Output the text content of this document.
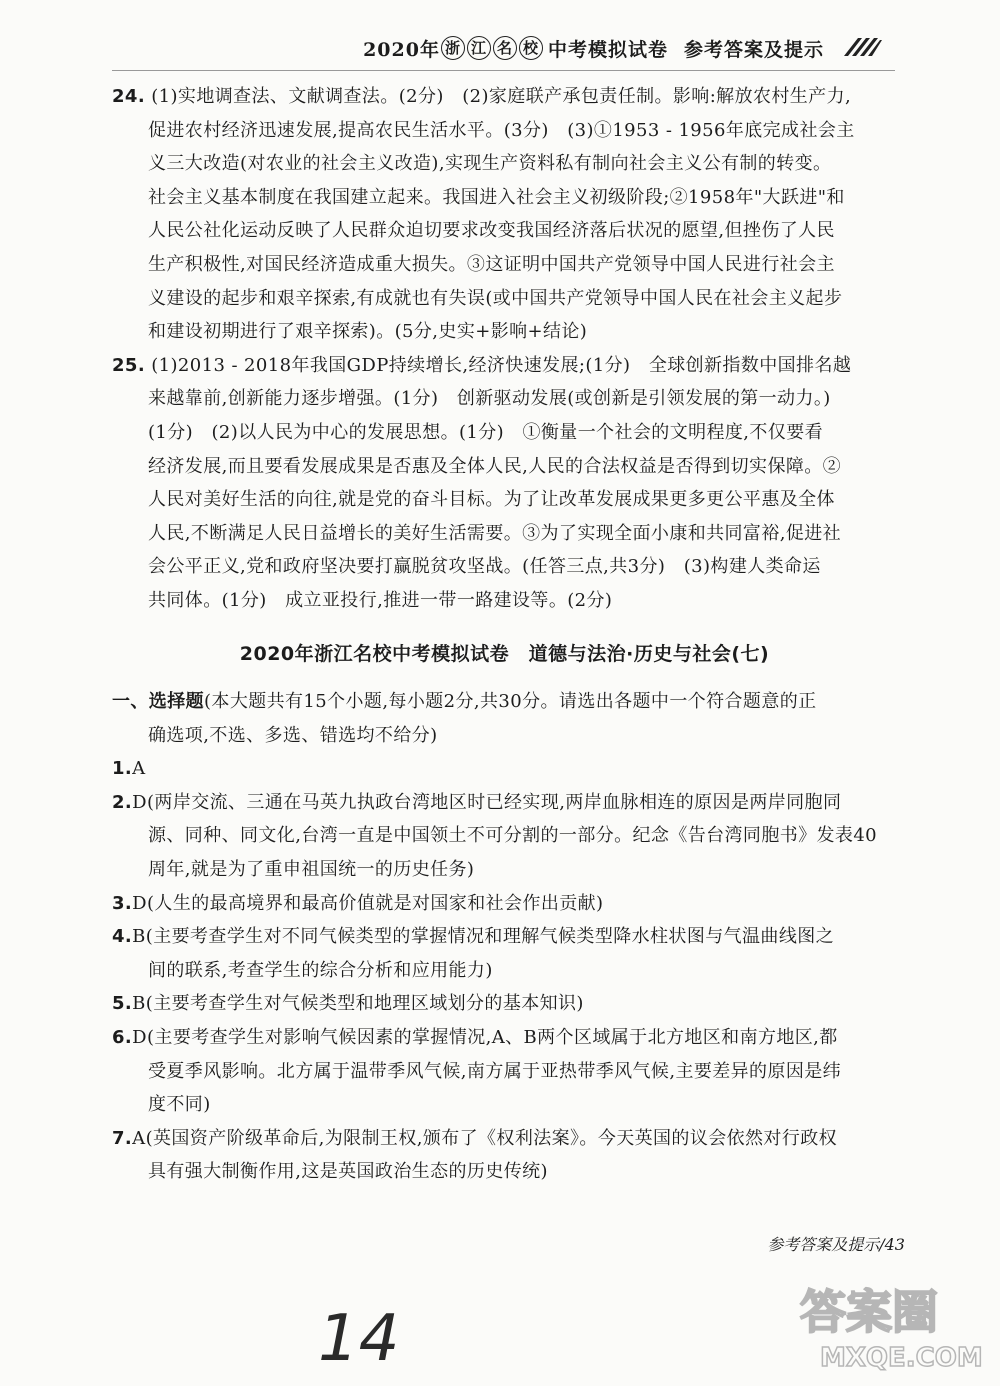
2020年 浙 江 名 校 中考模拟试卷 参考答案及提示
24. (1)实地调查法、文献调查法。(2分)　(2)家庭联产承包责任制。影响:解放农村生产力,
促进农村经济迅速发展,提高农民生活水平。(3分)　(3)①1953 - 1956年底完成社会主
义三大改造(对农业的社会主义改造),实现生产资料私有制向社会主义公有制的转变。
社会主义基本制度在我国建立起来。我国进入社会主义初级阶段;②1958年"大跃进"和
人民公社化运动反映了人民群众迫切要求改变我国经济落后状况的愿望,但挫伤了人民
生产积极性,对国民经济造成重大损失。③这证明中国共产党领导中国人民进行社会主
义建设的起步和艰辛探索,有成就也有失误(或中国共产党领导中国人民在社会主义起步
和建设初期进行了艰辛探索)。(5分,史实+影响+结论)
25. (1)2013 - 2018年我国GDP持续增长,经济快速发展;(1分)　全球创新指数中国排名越
来越靠前,创新能力逐步增强。(1分)　创新驱动发展(或创新是引领发展的第一动力。)
(1分)　(2)以人民为中心的发展思想。(1分)　①衡量一个社会的文明程度,不仅要看
经济发展,而且要看发展成果是否惠及全体人民,人民的合法权益是否得到切实保障。②
人民对美好生活的向往,就是党的奋斗目标。为了让改革发展成果更多更公平惠及全体
人民,不断满足人民日益增长的美好生活需要。③为了实现全面小康和共同富裕,促进社
会公平正义,党和政府坚决要打赢脱贫攻坚战。(任答三点,共3分)　(3)构建人类命运
共同体。(1分)　成立亚投行,推进一带一路建设等。(2分)
2020年浙江名校中考模拟试卷　道德与法治·历史与社会(七)
一、选择题(本大题共有15个小题,每小题2分,共30分。请选出各题中一个符合题意的正
确选项,不选、多选、错选均不给分)
1.A
2.D(两岸交流、三通在马英九执政台湾地区时已经实现,两岸血脉相连的原因是两岸同胞同
源、同种、同文化,台湾一直是中国领土不可分割的一部分。纪念《告台湾同胞书》发表40
周年,就是为了重申祖国统一的历史任务)
3.D(人生的最高境界和最高价值就是对国家和社会作出贡献)
4.B(主要考查学生对不同气候类型的掌握情况和理解气候类型降水柱状图与气温曲线图之
间的联系,考查学生的综合分析和应用能力)
5.B(主要考查学生对气候类型和地理区域划分的基本知识)
6.D(主要考查学生对影响气候因素的掌握情况,A、B两个区域属于北方地区和南方地区,都
受夏季风影响。北方属于温带季风气候,南方属于亚热带季风气候,主要差异的原因是纬
度不同)
7.A(英国资产阶级革命后,为限制王权,颁布了《权利法案》。今天英国的议会依然对行政权
具有强大制衡作用,这是英国政治生态的历史传统)
参考答案及提示/43
14	答案圈
MXQE.COM
